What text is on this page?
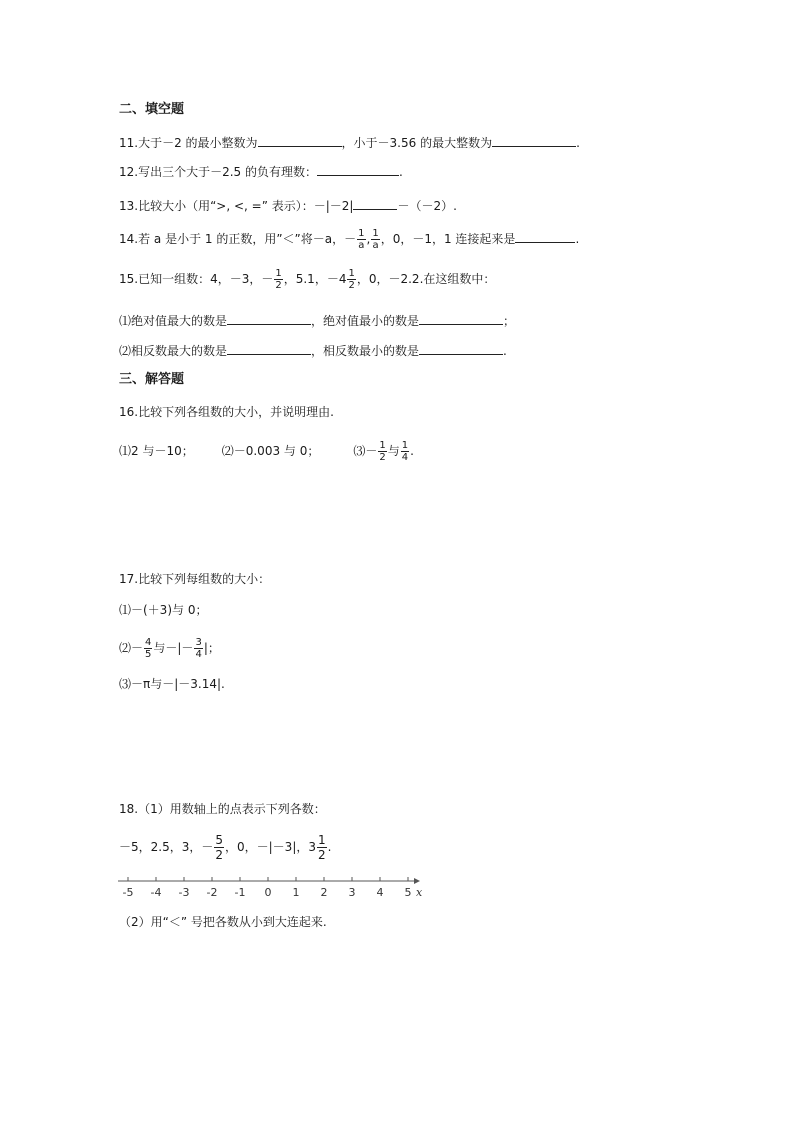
二、填空题
11.大于－2 的最小整数为	，小于－3.56 的最大整数为	.
12.写出三个大于－2.5 的负有理数：	.
13.比较大小（用“>, <, =” 表示）：－|－2|	－（－2）.
14.若 a 是小于 1 的正数，用”＜”将－a，－ $\frac{1}{a}$ , $\frac{1}{a}$ ，0，－1，1 连接起来是	.
15.已知一组数：4，－3，－ $\frac{1}{2}$ ，5.1，$-4 \frac{1}{2}$ ，0，－2.2.在这组数中：
⑴绝对值最大的数是	，绝对值最小的数是	；
⑵相反数最大的数是	，相反数最小的数是	.
三、解答题
16.比较下列各组数的大小，并说明理由.
⑴2 与－10； ⑵－0.003 与 0；	⑶－ $\frac{1}{2}$ 与 $\frac{1}{4}$ .
17.比较下列每组数的大小：
⑴－(＋3)与 0；
⑵－ $\frac{4}{5}$ 与－|－ $\frac{3}{4}$ |；
⑶－π与－|－3.14|.
18.（1）用数轴上的点表示下列各数：
－5，2.5，3，－ $\frac{5}{2}$ ，0，－|－3|，$3 \frac{1}{2}$ .
-5 -4 -3 -2 -1 0 1 2 3 4 5 x
（2）用“＜” 号把各数从小到大连起来.
